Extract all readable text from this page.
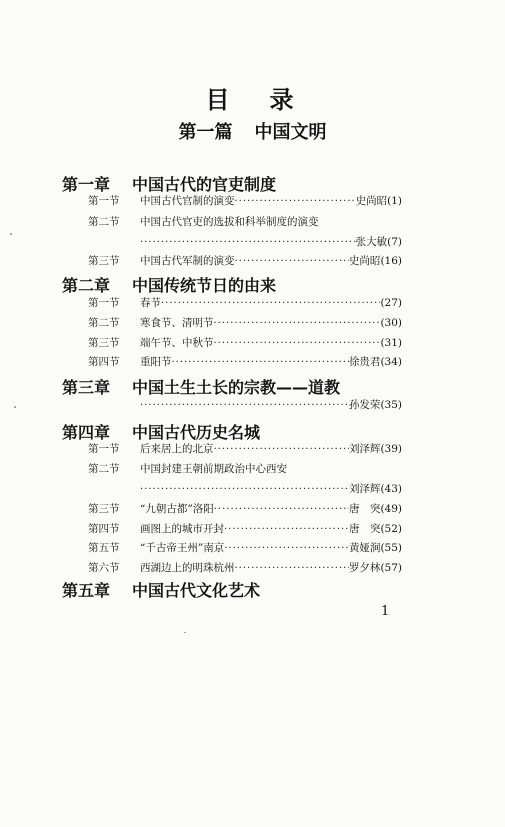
目 录
第一篇 中国文明
第一章 中国古代的官吏制度
第一节	中国古代官制的演变 ·····	史尚昭 (1)
第二节	中国古代官吏的选拔和科举制度的演变
·····
张大敏 (7)
第三节	中国古代军制的演变 ·····	史尚昭 (16)
第二章 中国传统节日的由来
第一节	春节 ·····	(27)
第二节	寒食节、清明节 ·····	(30)
第三节	端午节、中秋节 ·····	(31)
第四节	重阳节 ·····	徐贵君 (34)
第三章 中国土生土长的宗教——道教
·····
孙发荣 (35)
第四章 中国古代历史名城
第一节	后来居上的北京 ·····	刘泽辉 (39)
第二节	中国封建王朝前期政治中心西安
·····
刘泽辉 (43)
第三节	“九朝古都”洛阳 ·····	唐　突 (49)
第四节	画图上的城市开封 ·····	唐　突 (52)
第五节	“千古帝王州”南京 ·····	黄娅涧 (55)
第六节	西湖边上的明珠杭州 ·····	罗夕林 (57)
第五章 中国古代文化艺术
1
